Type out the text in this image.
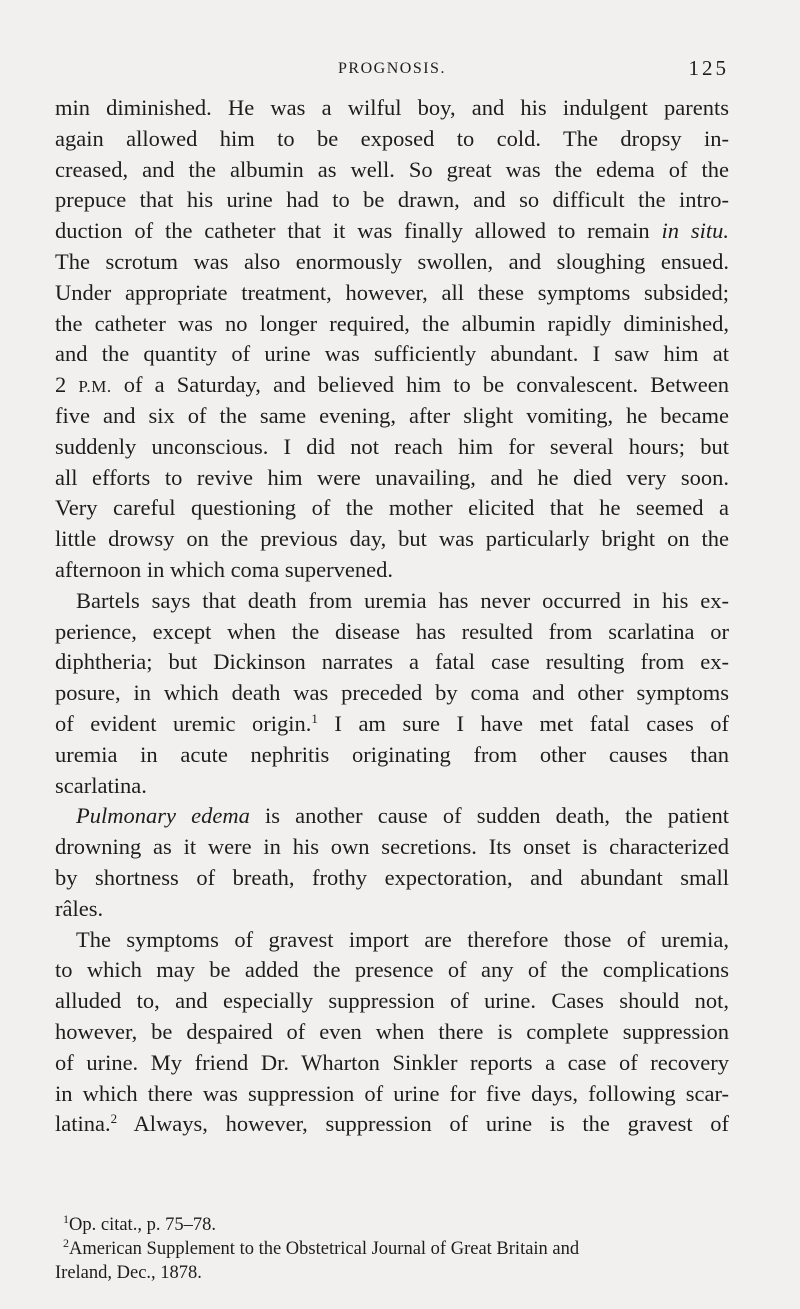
PROGNOSIS.	125
min diminished. He was a wilful boy, and his indulgent parents
again allowed him to be exposed to cold. The dropsy in-
creased, and the albumin as well. So great was the edema of the
prepuce that his urine had to be drawn, and so difficult the intro-
duction of the catheter that it was finally allowed to remain in situ.
The scrotum was also enormously swollen, and sloughing ensued.
Under appropriate treatment, however, all these symptoms subsided;
the catheter was no longer required, the albumin rapidly diminished,
and the quantity of urine was sufficiently abundant. I saw him at
2 P.M. of a Saturday, and believed him to be convalescent. Between
five and six of the same evening, after slight vomiting, he became
suddenly unconscious. I did not reach him for several hours; but
all efforts to revive him were unavailing, and he died very soon.
Very careful questioning of the mother elicited that he seemed a
little drowsy on the previous day, but was particularly bright on the
afternoon in which coma supervened.
Bartels says that death from uremia has never occurred in his ex-
perience, except when the disease has resulted from scarlatina or
diphtheria; but Dickinson narrates a fatal case resulting from ex-
posure, in which death was preceded by coma and other symptoms
of evident uremic origin.$^1$ I am sure I have met fatal cases of
uremia in acute nephritis originating from other causes than
scarlatina.
Pulmonary edema is another cause of sudden death, the patient
drowning as it were in his own secretions. Its onset is characterized
by shortness of breath, frothy expectoration, and abundant small
râles.
The symptoms of gravest import are therefore those of uremia,
to which may be added the presence of any of the complications
alluded to, and especially suppression of urine. Cases should not,
however, be despaired of even when there is complete suppression
of urine. My friend Dr. Wharton Sinkler reports a case of recovery
in which there was suppression of urine for five days, following scar-
latina.$^2$ Always, however, suppression of urine is the gravest of
$^1$Op. citat., p. 75–78.
$^2$American Supplement to the Obstetrical Journal of Great Britain and
Ireland, Dec., 1878.
